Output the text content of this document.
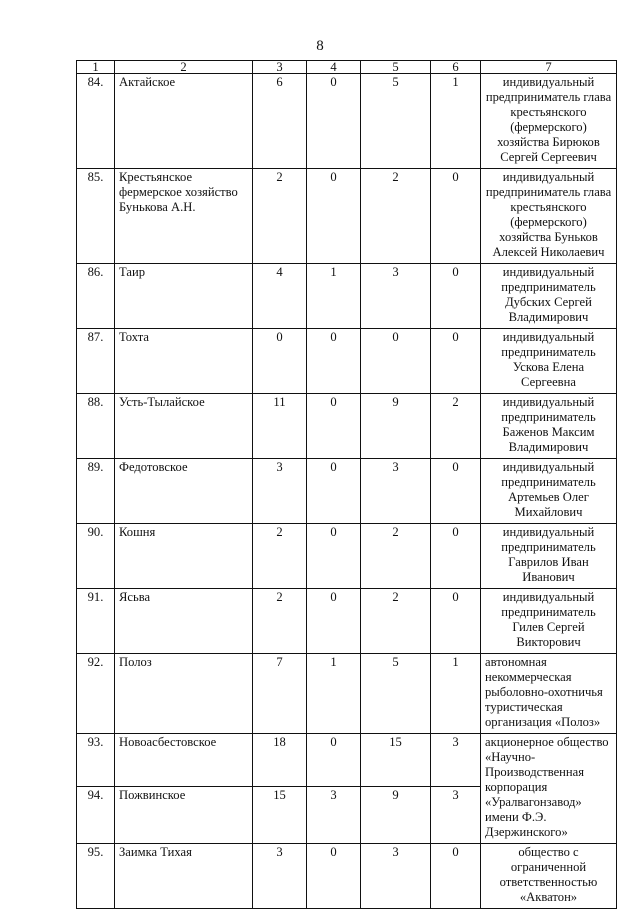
8
1	2	3	4	5	6	7
84.	Актайское	6	0	5	1	индивидуальный предприниматель глава крестьянского (фермерского) хозяйства Бирюков Сергей Сергеевич
85.	Крестьянское фермерское хозяйство Бунькова А.Н.	2	0	2	0	индивидуальный предприниматель глава крестьянского (фермерского) хозяйства Буньков Алексей Николаевич
86.	Таир	4	1	3	0	индивидуальный предприниматель Дубских Сергей Владимирович
87.	Тохта	0	0	0	0	индивидуальный предприниматель Ускова Елена Сергеевна
88.	Усть-Тылайское	11	0	9	2	индивидуальный предприниматель Баженов Максим Владимирович
89.	Федотовское	3	0	3	0	индивидуальный предприниматель Артемьев Олег Михайлович
90.	Кошня	2	0	2	0	индивидуальный предприниматель Гаврилов Иван Иванович
91.	Ясьва	2	0	2	0	индивидуальный предприниматель Гилев Сергей Викторович
92.	Полоз	7	1	5	1	автономная некоммерческая рыболовно-охотничья туристическая организация «Полоз»
93.	Новоасбестовское	18	0	15	3	акционерное общество «Научно-Производственная корпорация «Уралвагонзавод» имени Ф.Э. Дзержинского»
94.	Пожвинское	15	3	9	3	
95.	Заимка Тихая	3	0	3	0	общество с ограниченной ответственностью «Акватон»
